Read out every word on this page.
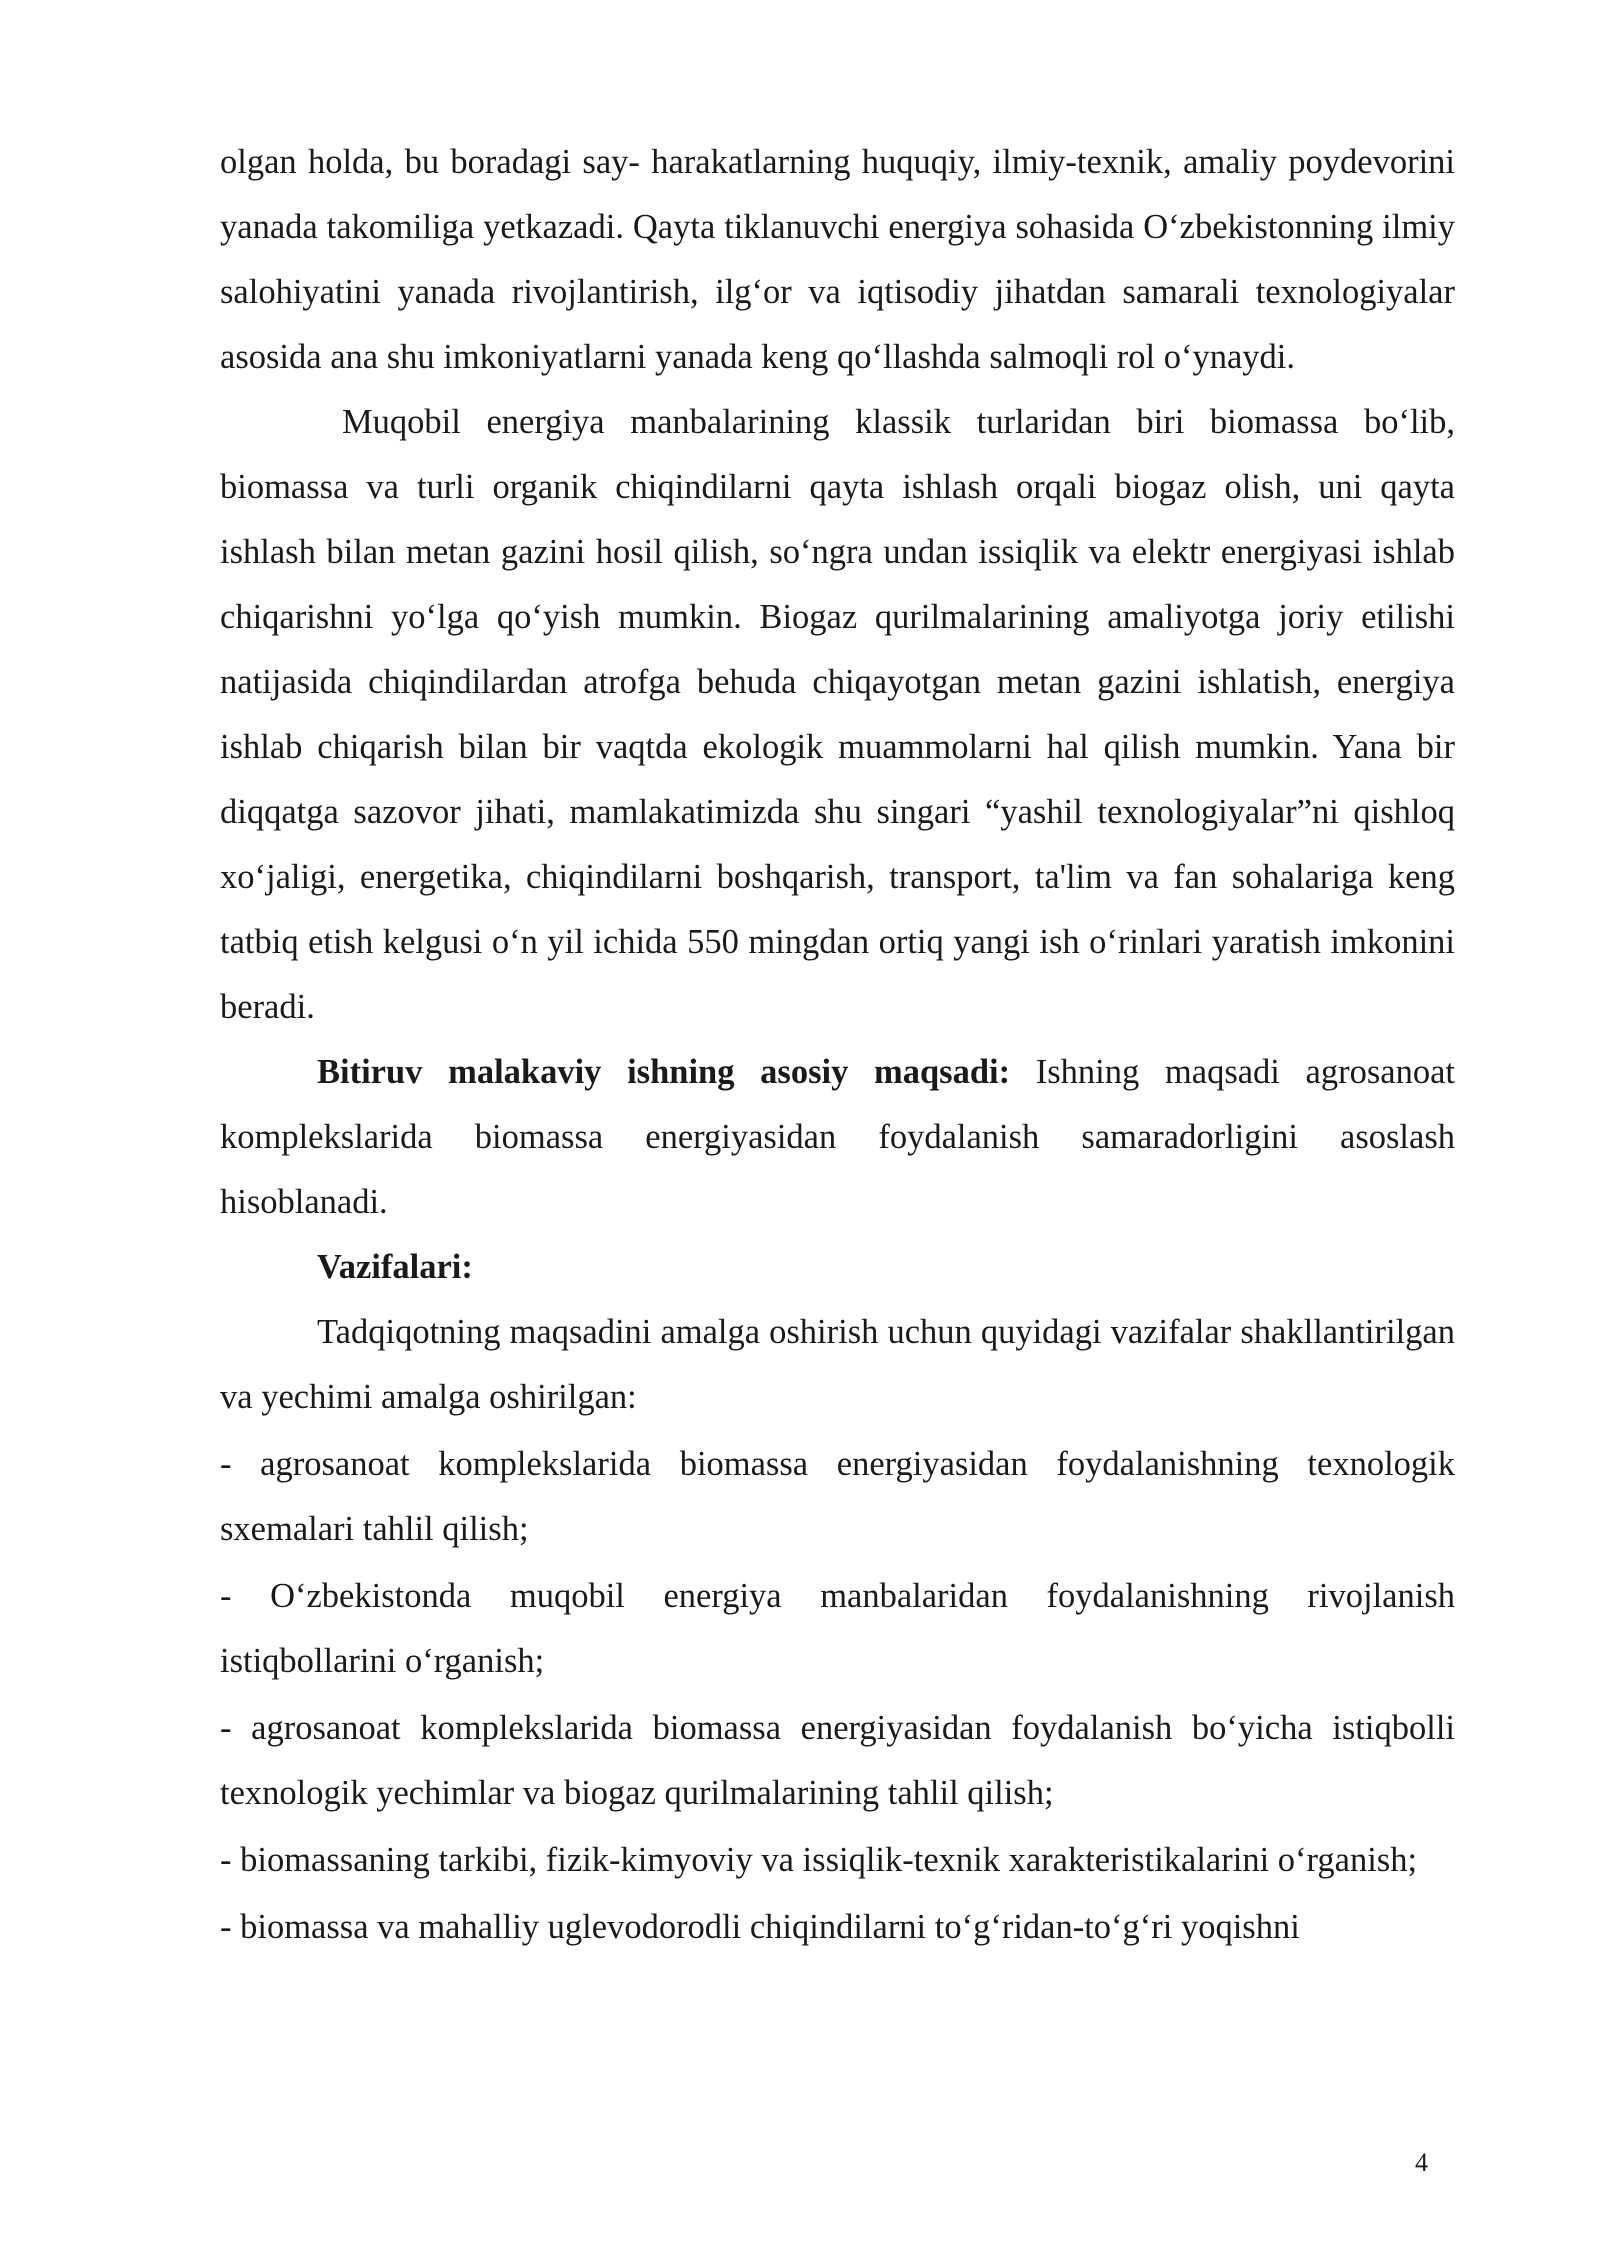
olgan holda, bu boradagi say- harakatlarning huquqiy, ilmiy-texnik, amaliy poydevorini yanada takomiliga yetkazadi. Qayta tiklanuvchi energiya sohasida O‘zbekistonning ilmiy salohiyatini yanada rivojlantirish, ilg‘or va iqtisodiy jihatdan samarali texnologiyalar asosida ana shu imkoniyatlarni yanada keng qo‘llashda salmoqli rol o‘ynaydi.

Muqobil energiya manbalarining klassik turlaridan biri biomassa bo‘lib, biomassa va turli organik chiqindilarni qayta ishlash orqali biogaz olish, uni qayta ishlash bilan metan gazini hosil qilish, so‘ngra undan issiqlik va elektr energiyasi ishlab chiqarishni yo‘lga qo‘yish mumkin. Biogaz qurilmalarining amaliyotga joriy etilishi natijasida chiqindilardan atrofga behuda chiqayotgan metan gazini ishlatish, energiya ishlab chiqarish bilan bir vaqtda ekologik muammolarni hal qilish mumkin. Yana bir diqqatga sazovor jihati, mamlakatimizda shu singari “yashil texnologiyalar”ni qishloq xo‘jaligi, energetika, chiqindilarni boshqarish, transport, ta'lim va fan sohalariga keng tatbiq etish kelgusi o‘n yil ichida 550 mingdan ortiq yangi ish o‘rinlari yaratish imkonini beradi.

Bitiruv malakaviy ishning asosiy maqsadi: Ishning maqsadi agrosanoat komplekslarida biomassa energiyasidan foydalanish samaradorligini asoslash hisoblanadi.

Vazifalari:

Tadqiqotning maqsadini amalga oshirish uchun quyidagi vazifalar shakllantirilgan va yechimi amalga oshirilgan:

- agrosanoat komplekslarida biomassa energiyasidan foydalanishning texnologik sxemalari tahlil qilish;

- O‘zbekistonda muqobil energiya manbalaridan foydalanishning rivojlanish istiqbollarini o‘rganish;

- agrosanoat komplekslarida biomassa energiyasidan foydalanish bo‘yicha istiqbolli texnologik yechimlar va biogaz qurilmalarining tahlil qilish;

- biomassaning tarkibi, fizik-kimyoviy va issiqlik-texnik xarakteristikalarini o‘rganish;

- biomassa va mahalliy uglevodorodli chiqindilarni to‘g‘ridan-to‘g‘ri yoqishni

4
